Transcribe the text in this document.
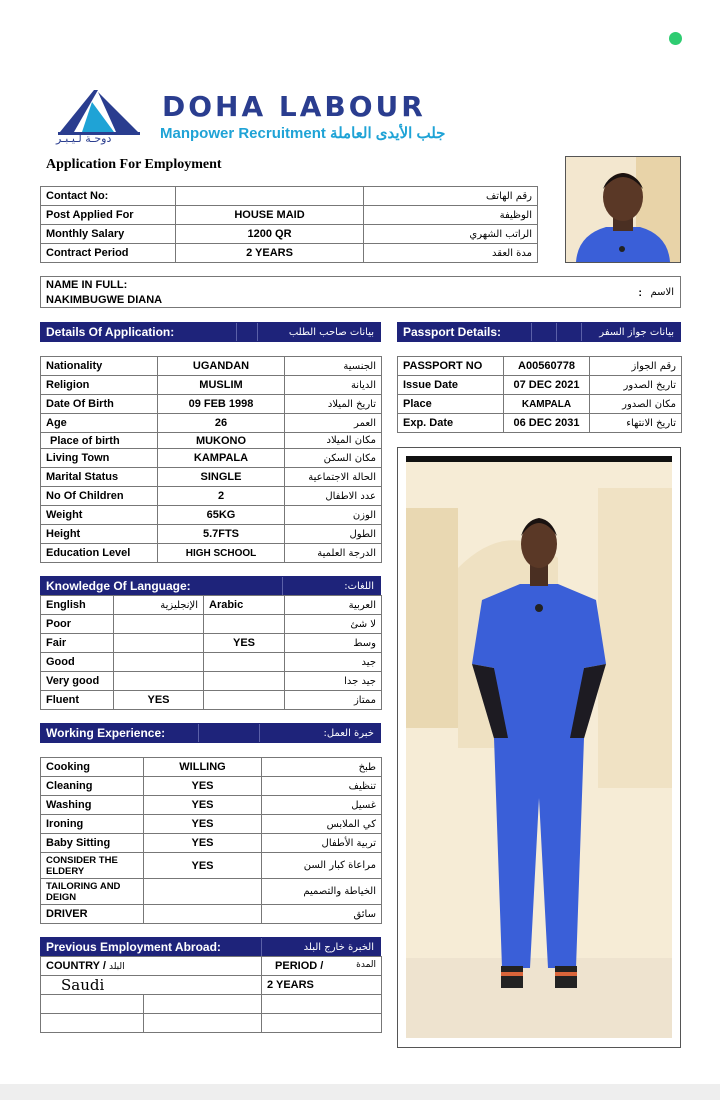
دوحـة لـيـبـر
DOHA LABOUR
Manpower Recruitment جلب الأيدى العاملة
Application For Employment
Contact No:		رقم الهاتف
Post Applied For	HOUSE MAID	الوظيفة
Monthly Salary	1200 QR	الراتب الشهري
Contract Period	2 YEARS	مدة العقد
NAME IN FULL:
NAKIMBUGWE DIANA
الاسم
:
Details Of Application:	بيانات صاحب الطلب	Passport Details:	بيانات جواز السفر
Nationality	UGANDAN	الجنسية
Religion	MUSLIM	الديانة
Date Of Birth	09 FEB 1998	تاريخ الميلاد
Age	26	العمر
Place of birth	MUKONO	مكان الميلاد
Living Town	KAMPALA	مكان السكن
Marital Status	SINGLE	الحالة الاجتماعية
No Of Children	2	عدد الاطفال
Weight	65KG	الوزن
Height	5.7FTS	الطول
Education Level	HIGH SCHOOL	الدرجة العلمية
PASSPORT NO	A00560778	رقم الجواز
Issue Date	07 DEC 2021	تاريخ الصدور
Place	KAMPALA	مكان الصدور
Exp. Date	06 DEC 2031	تاريخ الانتهاء
Knowledge Of Language:	اللغات:
English	الإنجليزية	Arabic	العربية
Poor			لا شئ
Fair		YES	وسط
Good			جيد
Very good			جيد جدا
Fluent	YES		ممتاز
Working Experience:	خبرة العمل:
Cooking	WILLING	طبخ
Cleaning	YES	تنظيف
Washing	YES	غسيل
Ironing	YES	كي الملابس
Baby Sitting	YES	تربية الأطفال
CONSIDER THE ELDERY	YES	مراعاة كبار السن
TAILORING AND DEIGN		الخياطة والتصميم
DRIVER		سائق
Previous Employment Abroad:	الخبرة خارج البلد
COUNTRY / البلد		PERIOD / المدة

Saudi		2 YEARS
